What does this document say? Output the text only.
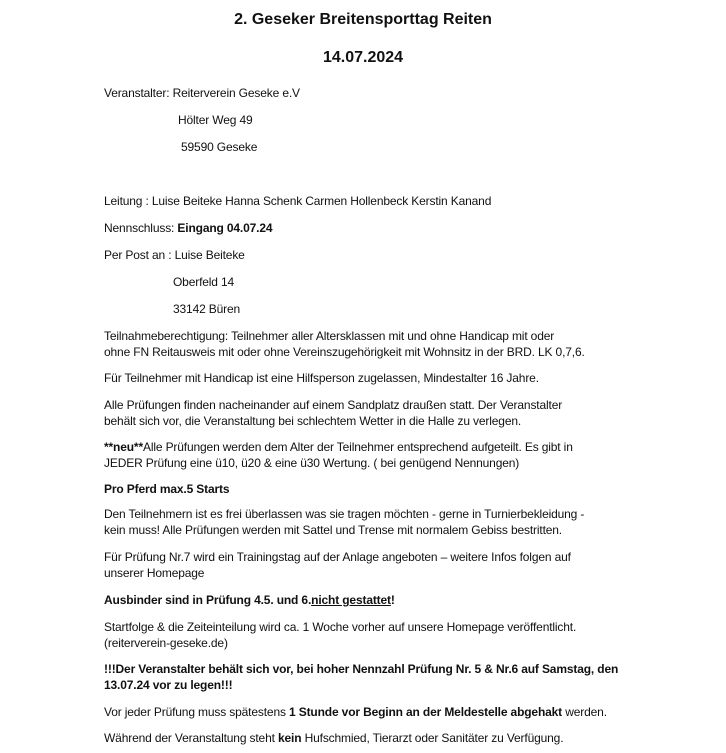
2. Geseker Breitensporttag Reiten
14.07.2024
Veranstalter: Reiterverein Geseke e.V
Hölter Weg 49
59590 Geseke
Leitung : Luise Beiteke Hanna Schenk Carmen Hollenbeck Kerstin Kanand
Nennschluss: Eingang 04.07.24
Per Post an : Luise Beiteke
Oberfeld 14
33142 Büren
Teilnahmeberechtigung: Teilnehmer aller Altersklassen mit und ohne Handicap mit oder
ohne FN Reitausweis mit oder ohne Vereinszugehörigkeit mit Wohnsitz in der BRD. LK 0,7,6.
Für Teilnehmer mit Handicap ist eine Hilfsperson zugelassen, Mindestalter 16 Jahre.
Alle Prüfungen finden nacheinander auf einem Sandplatz draußen statt. Der Veranstalter
behält sich vor, die Veranstaltung bei schlechtem Wetter in die Halle zu verlegen.
**neu**Alle Prüfungen werden dem Alter der Teilnehmer entsprechend aufgeteilt. Es gibt in
JEDER Prüfung eine ü10, ü20 & eine ü30 Wertung. ( bei genügend Nennungen)
Pro Pferd max.5 Starts
Den Teilnehmern ist es frei überlassen was sie tragen möchten - gerne in Turnierbekleidung -
kein muss! Alle Prüfungen werden mit Sattel und Trense mit normalem Gebiss bestritten.
Für Prüfung Nr.7 wird ein Trainingstag auf der Anlage angeboten – weitere Infos folgen auf
unserer Homepage
Ausbinder sind in Prüfung 4.5. und 6.nicht gestattet!
Startfolge & die Zeiteinteilung wird ca. 1 Woche vorher auf unsere Homepage veröffentlicht.
(reiterverein-geseke.de)
!!!Der Veranstalter behält sich vor, bei hoher Nennzahl Prüfung Nr. 5 & Nr.6 auf Samstag, den
13.07.24 vor zu legen!!!
Vor jeder Prüfung muss spätestens 1 Stunde vor Beginn an der Meldestelle abgehakt werden.
Während der Veranstaltung steht kein Hufschmied, Tierarzt oder Sanitäter zu Verfügung.
